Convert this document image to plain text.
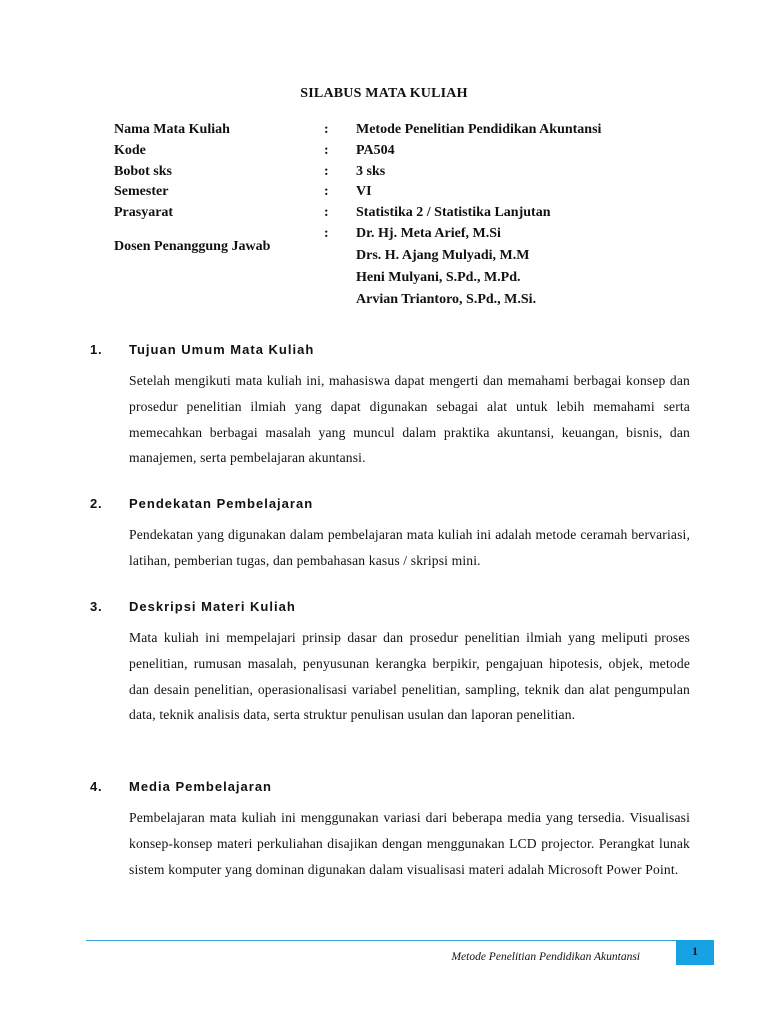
SILABUS MATA KULIAH
Nama Mata Kuliah	: Metode Penelitian Pendidikan Akuntansi
Kode	: PA504
Bobot sks	: 3 sks
Semester	: VI
Prasyarat	: Statistika 2 / Statistika Lanjutan
Dosen Penanggung Jawab
: Dr. Hj. Meta Arief, M.Si
Drs. H. Ajang Mulyadi, M.M
Heni Mulyani, S.Pd., M.Pd.
Arvian Triantoro, S.Pd., M.Si.
1. Tujuan Umum Mata Kuliah
Setelah mengikuti mata kuliah ini, mahasiswa dapat mengerti dan memahami berbagai konsep dan prosedur penelitian ilmiah yang dapat digunakan sebagai alat untuk lebih memahami serta memecahkan berbagai masalah yang muncul dalam praktika akuntansi, keuangan, bisnis, dan manajemen, serta pembelajaran akuntansi.
2. Pendekatan Pembelajaran
Pendekatan yang digunakan dalam pembelajaran mata kuliah ini adalah metode ceramah bervariasi, latihan, pemberian tugas, dan pembahasan kasus / skripsi mini.
3. Deskripsi Materi Kuliah
Mata kuliah ini mempelajari prinsip dasar dan prosedur penelitian ilmiah yang meliputi proses penelitian, rumusan masalah, penyusunan kerangka berpikir, pengajuan hipotesis, objek, metode dan desain penelitian, operasionalisasi variabel penelitian, sampling, teknik dan alat pengumpulan data, teknik analisis data, serta struktur penulisan usulan dan laporan penelitian.
4. Media Pembelajaran
Pembelajaran mata kuliah ini menggunakan variasi dari beberapa media yang tersedia. Visualisasi konsep-konsep materi perkuliahan disajikan dengan menggunakan LCD projector. Perangkat lunak sistem komputer yang dominan digunakan dalam visualisasi materi adalah Microsoft Power Point.
Metode Penelitian Pendidikan Akuntansi	1
